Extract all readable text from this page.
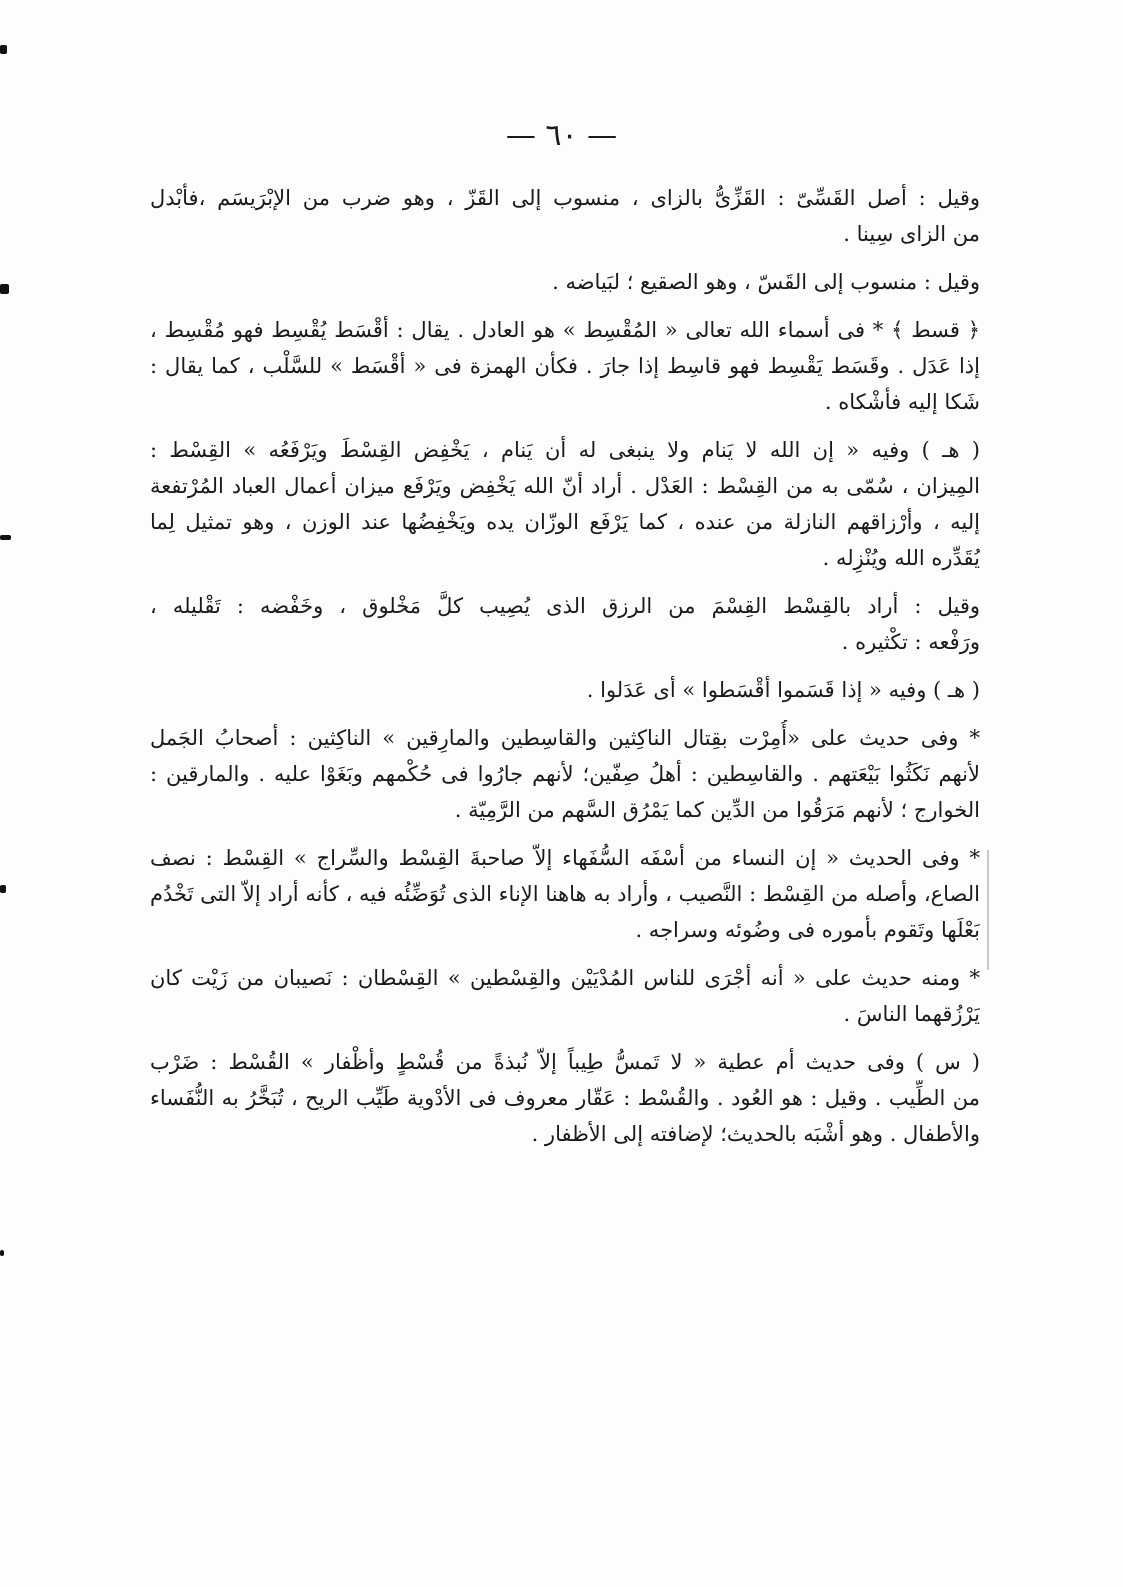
— ٦٠ —
وقيل : أصل القَسِّىّ : القَزِّىُّ بالزاى ، منسوب إلى القَزّ ، وهو ضرب من الإبْرَيسَم ،فأبْدل
من الزاى سِينا .
وقيل : منسوب إلى القَسّ ، وهو الصقيع ؛ لبَياضه .
﴿ قسط ﴾ * فى أسماء الله تعالى « المُقْسِط » هو العادل . يقال : أقْسَط يُقْسِط فهو مُقْسِط ،
إذا عَدَل . وقَسَط يَقْسِط فهو قاسِط إذا جارَ . فكأن الهمزة فى « أقْسَط » للسَّلْب ، كما يقال :
شَكا إليه فأشْكاه .
( هـ ) وفيه « إن الله لا يَنام ولا ينبغى له أن يَنام ، يَخْفِض القِسْطَ ويَرْفَعُه » القِسْط :
المِيزان ، سُمّى به من القِسْط : العَدْل . أراد أنّ الله يَخْفِض ويَرْفَع ميزان أعمال العباد المُرْتفعة
إليه ، وأرْزاقهم النازلة من عنده ، كما يَرْفَع الوزّان يده ويَخْفِضُها عند الوزن ، وهو تمثيل لِما
يُقَدِّره الله ويُنْزِله .
وقيل : أراد بالقِسْط القِسْمَ من الرزق الذى يُصِيب كلَّ مَخْلوق ، وخَفْضه : تَقْليله ،
ورَفْعه : تكْثيره .
( هـ ) وفيه « إذا قَسَموا أقْسَطوا » أى عَدَلوا .
* وفى حديث على «أُمِرْت بقِتال الناكِثين والقاسِطين والمارِقين » الناكِثين : أصحابُ الجَمل
لأنهم نَكَثُوا بَيْعَتهم . والقاسِطين : أهلُ صِفّين؛ لأنهم جارُوا فى حُكْمهم وبَغَوْا عليه . والمارقين :
الخوارج ؛ لأنهم مَرَقُوا من الدِّين كما يَمْرُق السَّهم من الرَّمِيّة .
* وفى الحديث « إن النساء من أسْفَه السُّفَهاء إلاّ صاحبةَ القِسْط والسِّراج » القِسْط : نصف
الصاع، وأصله من القِسْط : النَّصيب ، وأراد به هاهنا الإناء الذى تُوَضِّئُه فيه ، كأنه أراد إلاّ التى تَخْدُم
بَعْلَها وتَقوم بأموره فى وضُوئه وسراجه .
* ومنه حديث على « أنه أجْرَى للناس المُدْيَيْن والقِسْطين » القِسْطان : نَصيبان من زَيْت كان
يَرْزُقهما الناسَ .
( س ) وفى حديث أم عطية « لا تَمسُّ طِيباً إلاّ نُبذةً من قُسْطٍ وأظْفار » القُسْط : ضَرْب
من الطِّيب . وقيل : هو العُود . والقُسْط : عَقّار معروف فى الأدْوية طَيِّب الريح ، تُبَخَّرُ به النُّفَساء
والأطفال . وهو أشْبَه بالحديث؛ لإضافته إلى الأظفار .
